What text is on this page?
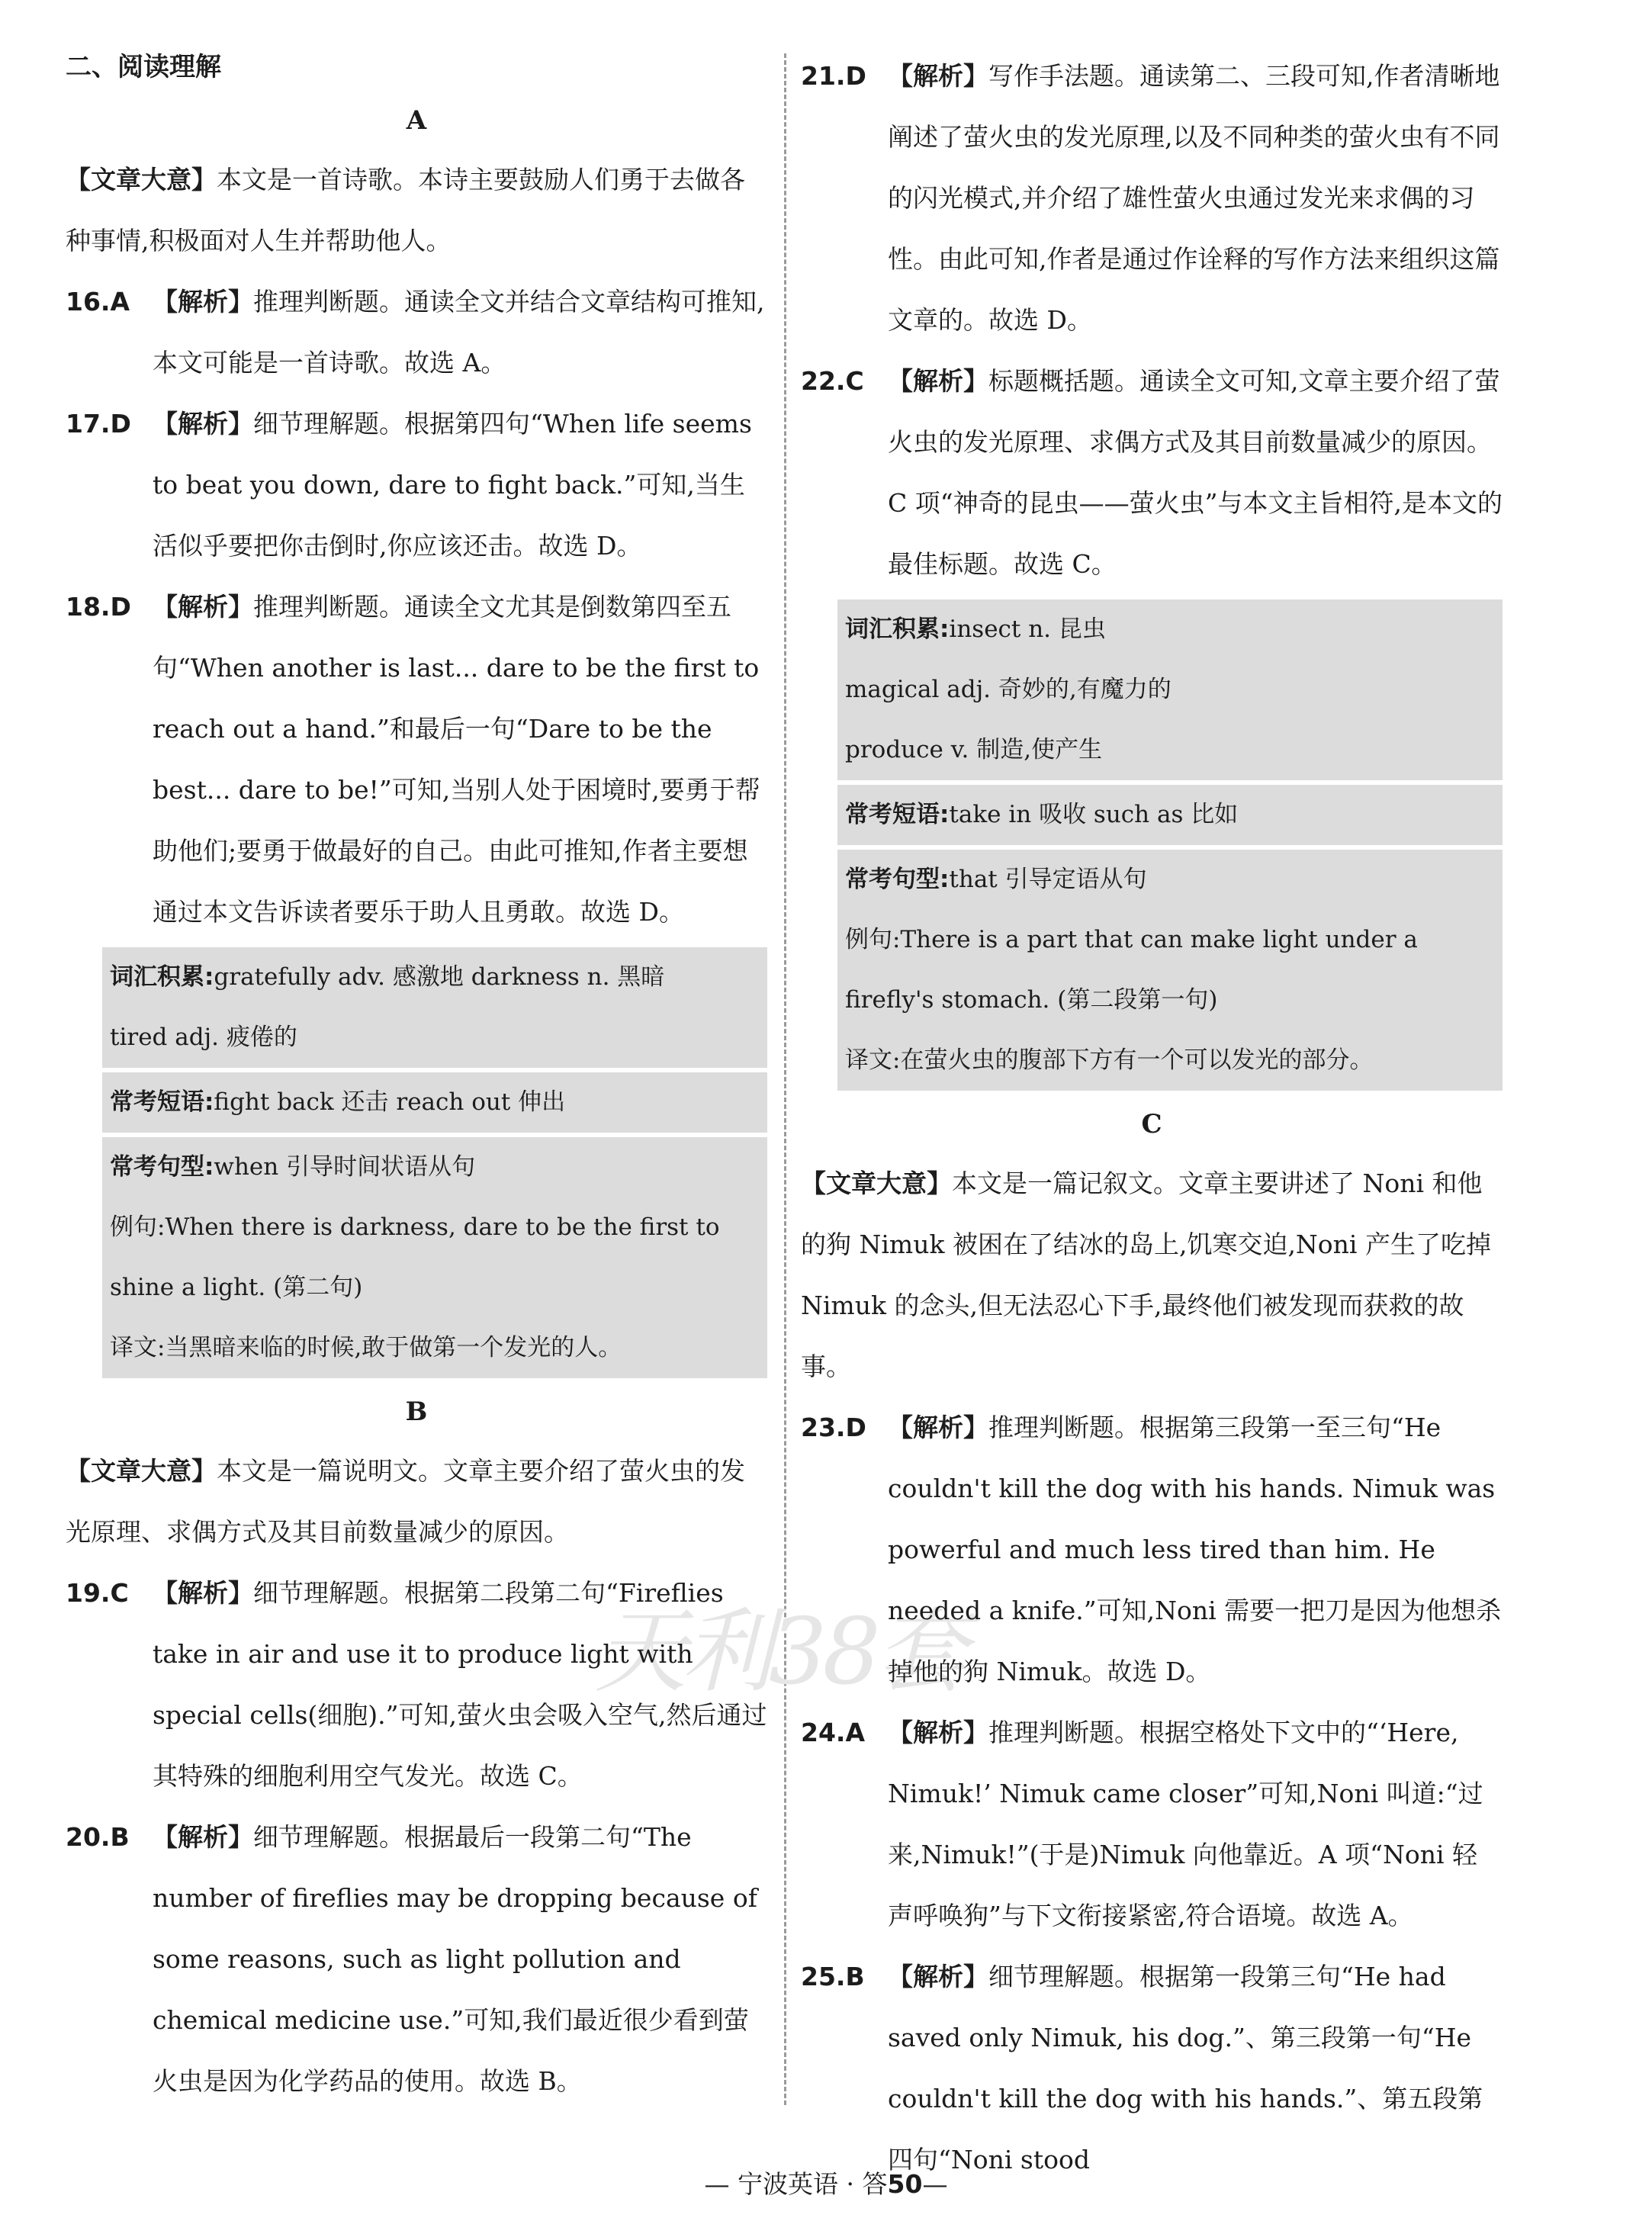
天利38套
二、阅读理解
A

【文章大意】本文是一首诗歌。本诗主要鼓励人们勇于去做各种事情,积极面对人生并帮助他人。

16.A 【解析】推理判断题。通读全文并结合文章结构可推知,本文可能是一首诗歌。故选 A。
17.D 【解析】细节理解题。根据第四句“When life seems to beat you down, dare to fight back.”可知,当生活似乎要把你击倒时,你应该还击。故选 D。
18.D 【解析】推理判断题。通读全文尤其是倒数第四至五句“When another is last... dare to be the first to reach out a hand.”和最后一句“Dare to be the best... dare to be!”可知,当别人处于困境时,要勇于帮助他们;要勇于做最好的自己。由此可推知,作者主要想通过本文告诉读者要乐于助人且勇敢。故选 D。

词汇积累:gratefully adv. 感激地 darkness n. 黑暗

tired adj. 疲倦的

常考短语:fight back 还击 reach out 伸出

常考句型:when 引导时间状语从句

例句:When there is darkness, dare to be the first to shine a light. (第二句)

译文:当黑暗来临的时候,敢于做第一个发光的人。

B

【文章大意】本文是一篇说明文。文章主要介绍了萤火虫的发光原理、求偶方式及其目前数量减少的原因。

19.C 【解析】细节理解题。根据第二段第二句“Fireflies take in air and use it to produce light with special cells(细胞).”可知,萤火虫会吸入空气,然后通过其特殊的细胞利用空气发光。故选 C。
20.B 【解析】细节理解题。根据最后一段第二句“The number of fireflies may be dropping because of some reasons, such as light pollution and chemical medicine use.”可知,我们最近很少看到萤火虫是因为化学药品的使用。故选 B。
21.D 【解析】写作手法题。通读第二、三段可知,作者清晰地阐述了萤火虫的发光原理,以及不同种类的萤火虫有不同的闪光模式,并介绍了雄性萤火虫通过发光来求偶的习性。由此可知,作者是通过作诠释的写作方法来组织这篇文章的。故选 D。
22.C 【解析】标题概括题。通读全文可知,文章主要介绍了萤火虫的发光原理、求偶方式及其目前数量减少的原因。C 项“神奇的昆虫——萤火虫”与本文主旨相符,是本文的最佳标题。故选 C。

词汇积累:insect n. 昆虫

magical adj. 奇妙的,有魔力的

produce v. 制造,使产生

常考短语:take in 吸收 such as 比如

常考句型:that 引导定语从句

例句:There is a part that can make light under a firefly's stomach. (第二段第一句)

译文:在萤火虫的腹部下方有一个可以发光的部分。

C

【文章大意】本文是一篇记叙文。文章主要讲述了 Noni 和他的狗 Nimuk 被困在了结冰的岛上,饥寒交迫,Noni 产生了吃掉 Nimuk 的念头,但无法忍心下手,最终他们被发现而获救的故事。

23.D 【解析】推理判断题。根据第三段第一至三句“He couldn't kill the dog with his hands. Nimuk was powerful and much less tired than him. He needed a knife.”可知,Noni 需要一把刀是因为他想杀掉他的狗 Nimuk。故选 D。
24.A 【解析】推理判断题。根据空格处下文中的“‘Here, Nimuk!’ Nimuk came closer”可知,Noni 叫道:“过来,Nimuk!”(于是)Nimuk 向他靠近。A 项“Noni 轻声呼唤狗”与下文衔接紧密,符合语境。故选 A。
25.B 【解析】细节理解题。根据第一段第三句“He had saved only Nimuk, his dog.”、第三段第一句“He couldn't kill the dog with his hands.”、第五段第四句“Noni stood
— 宁波英语 · 答50—
